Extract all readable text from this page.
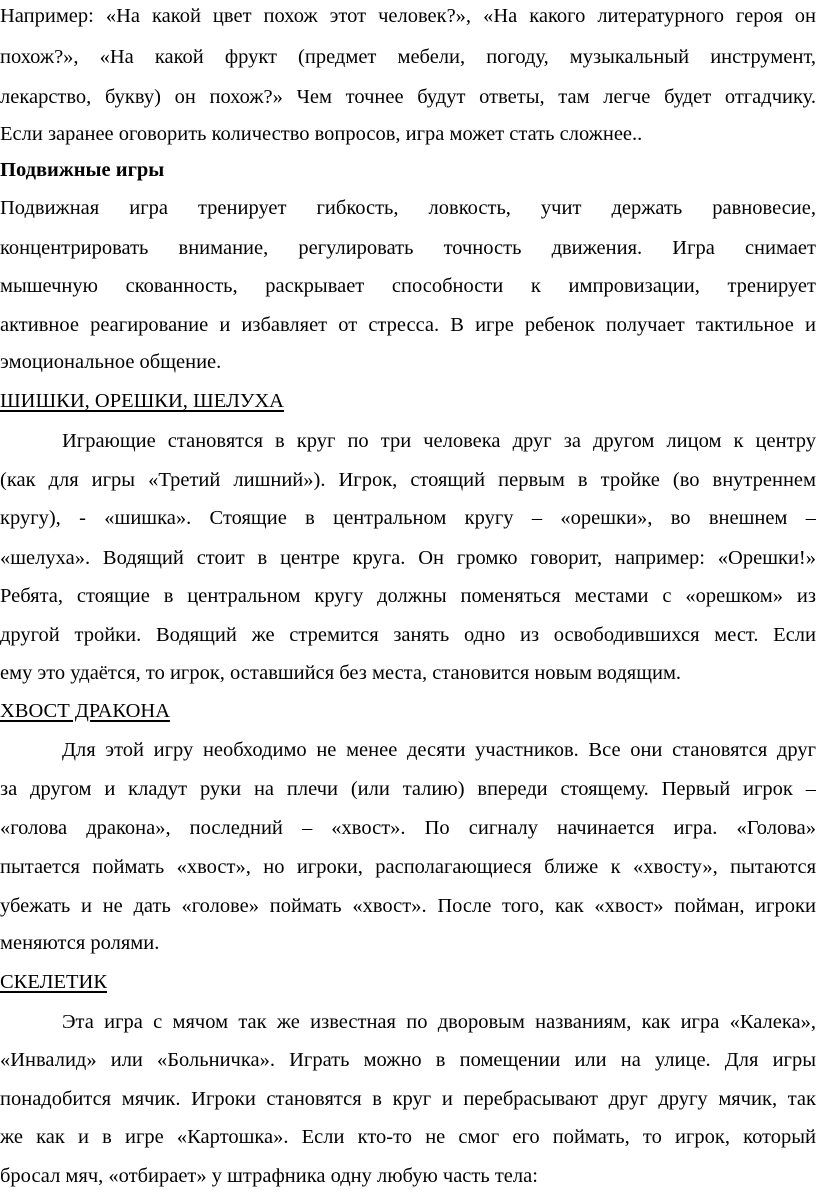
Например: «На какой цвет похож этот человек?», «На какого литературного героя он
похож?», «На какой фрукт (предмет мебели, погоду, музыкальный инструмент,
лекарство, букву) он похож?» Чем точнее будут ответы, там легче будет отгадчику.
Если заранее оговорить количество вопросов, игра может стать сложнее..
Подвижные игры
Подвижная игра тренирует гибкость, ловкость, учит держать равновесие,
концентрировать внимание, регулировать точность движения. Игра снимает
мышечную скованность, раскрывает способности к импровизации, тренирует
активное реагирование и избавляет от стресса. В игре ребенок получает тактильное и
эмоциональное общение.
ШИШКИ, ОРЕШКИ, ШЕЛУХА
Играющие становятся в круг по три человека друг за другом лицом к центру
(как для игры «Третий лишний»). Игрок, стоящий первым в тройке (во внутреннем
кругу), - «шишка». Стоящие в центральном кругу – «орешки», во внешнем –
«шелуха». Водящий стоит в центре круга. Он громко говорит, например: «Орешки!»
Ребята, стоящие в центральном кругу должны поменяться местами с «орешком» из
другой тройки. Водящий же стремится занять одно из освободившихся мест. Если
ему это удаётся, то игрок, оставшийся без места, становится новым водящим.
ХВОСТ ДРАКОНА
Для этой игру необходимо не менее десяти участников. Все они становятся друг
за другом и кладут руки на плечи (или талию) впереди стоящему. Первый игрок –
«голова дракона», последний – «хвост». По сигналу начинается игра. «Голова»
пытается поймать «хвост», но игроки, располагающиеся ближе к «хвосту», пытаются
убежать и не дать «голове» поймать «хвост». После того, как «хвост» пойман, игроки
меняются ролями.
СКЕЛЕТИК
Эта игра с мячом так же известная по дворовым названиям, как игра «Калека»,
«Инвалид» или «Больничка». Играть можно в помещении или на улице. Для игры
понадобится мячик. Игроки становятся в круг и перебрасывают друг другу мячик, так
же как и в игре «Картошка». Если кто-то не смог его поймать, то игрок, который
бросал мяч, «отбирает» у штрафника одну любую часть тела:
